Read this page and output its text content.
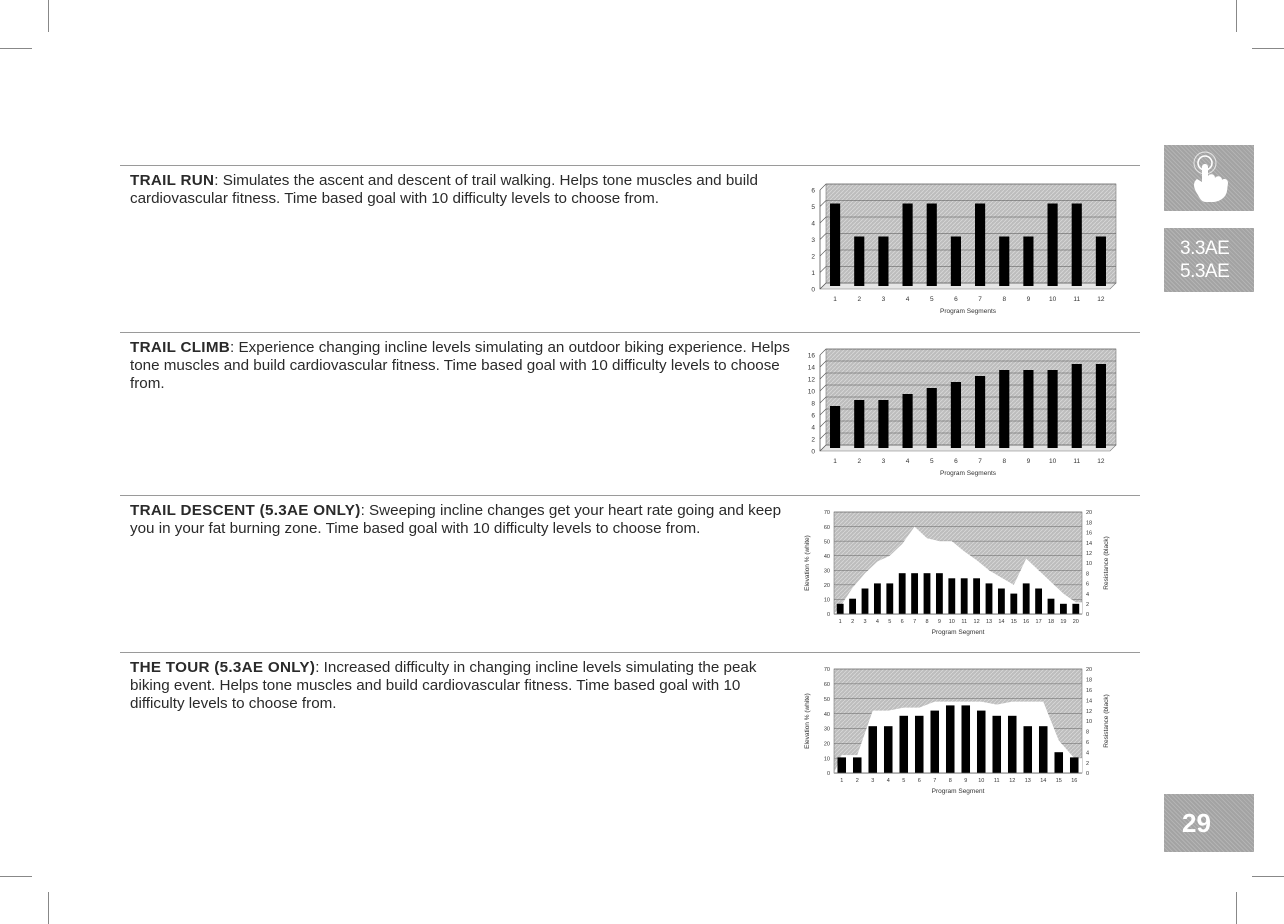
TRAIL RUN: Simulates the ascent and descent of trail walking. Helps tone muscles and build cardiovascular fitness. Time based goal with 10 difficulty levels to choose from.
0
1
2
3
4
5
6
1	2	3	4	5	6	7	8	9	10	11	12
Program Segments
TRAIL CLIMB: Experience changing incline levels simulating an outdoor biking experience. Helps tone muscles and build cardiovascular fitness. Time based goal with 10 difficulty levels to choose from.
0
2
4
6
8
10
12
14
16
1	2	3	4	5	6	7	8	9	10	11	12
Program Segments
TRAIL DESCENT (5.3AE ONLY): Sweeping incline changes get your heart rate going and keep you in your fat burning zone. Time based goal with 10 difficulty levels to choose from.
0
10
20
30
40
50
60
70
0
2
4
6
8
10
12
14
16
18
20
1 2 3 4 5 6 7 8 9 10 11 12 13 14 15 16 17 18 19 20
Program Segment
Elevation % (white)	Resistance (black)
THE TOUR (5.3AE ONLY): Increased difficulty in changing incline levels simulating the peak biking event. Helps tone muscles and build cardiovascular fitness. Time based goal with 10 difficulty levels to choose from.
0
10
20
30
40
50
60
70
0
2
4
6
8
10
12
14
16
18
20
1 2 3 4 5 6 7 8 9 10 11 12 13 14 15 16
Program Segment
Elevation % (white)	Resistance (black)
3.3AE
5.3AE
29
